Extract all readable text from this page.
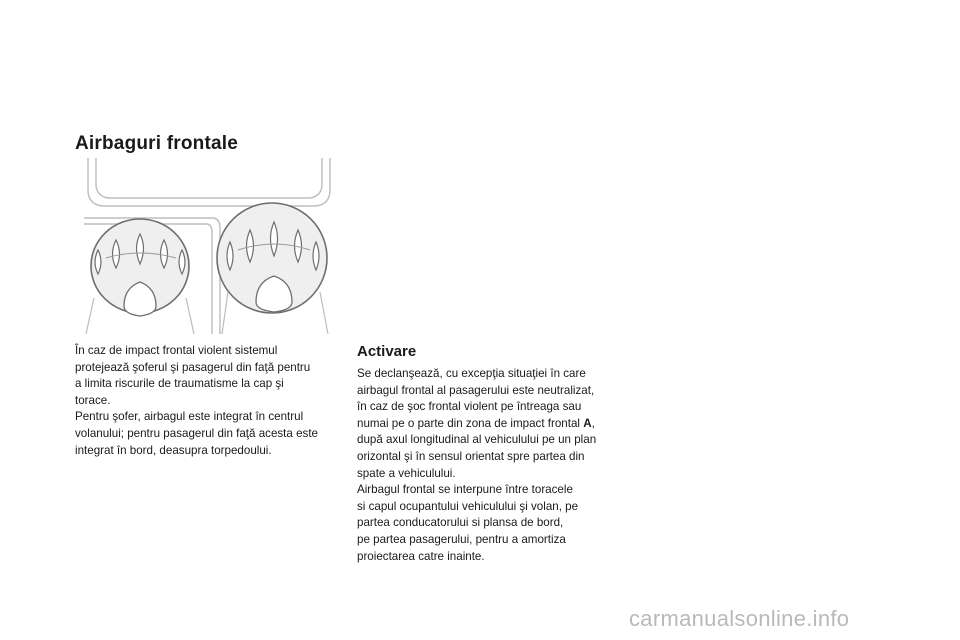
Airbaguri frontale

În caz de impact frontal violent sistemul
protejează şoferul şi pasagerul din faţă pentru
a limita riscurile de traumatisme la cap şi
torace.
Pentru şofer, airbagul este integrat în centrul
volanului; pentru pasagerul din faţă acesta este
integrat în bord, deasupra torpedoului.

Activare

Se declanşează, cu excepţia situaţiei în care
airbagul frontal al pasagerului este neutralizat,
în caz de şoc frontal violent pe întreaga sau
numai pe o parte din zona de impact frontal A,
după axul longitudinal al vehiculului pe un plan
orizontal şi în sensul orientat spre partea din
spate a vehiculului.

Airbagul frontal se interpune între toracele
si capul ocupantului vehiculului şi volan, pe
partea conducatorului si plansa de bord,
pe partea pasagerului, pentru a amortiza
proiectarea catre inainte.

carmanualsonline.info
